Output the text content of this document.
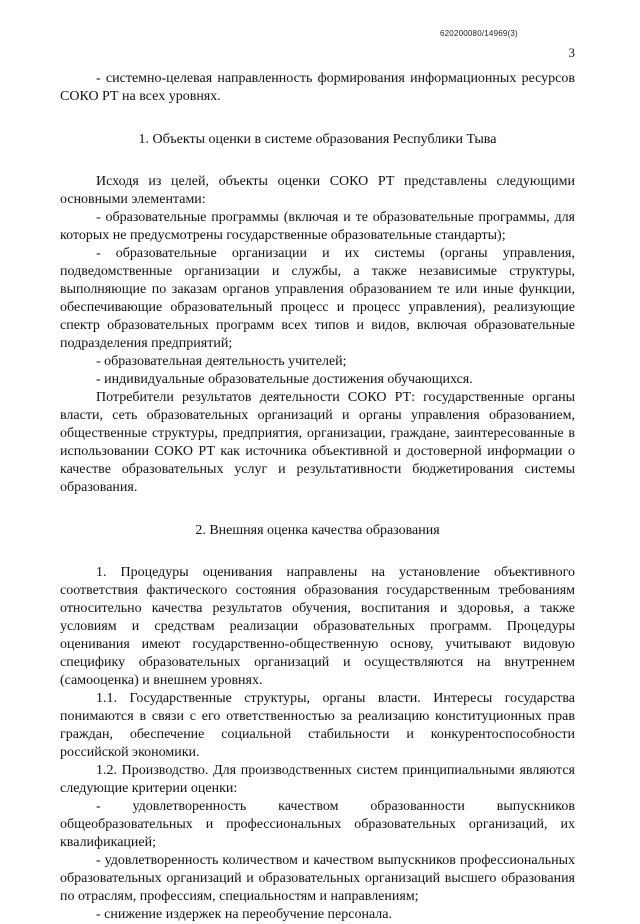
620200080/14969(3)
3

- системно-целевая направленность формирования информационных ресурсов СОКО РТ на всех уровнях.

1. Объекты оценки в системе образования Республики Тыва

Исходя из целей, объекты оценки СОКО РТ представлены следующими основными элементами:

- образовательные программы (включая и те образовательные программы, для которых не предусмотрены государственные образовательные стандарты);

- образовательные организации и их системы (органы управления, подведомственные организации и службы, а также независимые структуры, выполняющие по заказам органов управления образованием те или иные функции, обеспечивающие образовательный процесс и процесс управления), реализующие спектр образовательных программ всех типов и видов, включая образовательные подразделения предприятий;

- образовательная деятельность учителей;

- индивидуальные образовательные достижения обучающихся.

Потребители результатов деятельности СОКО РТ: государственные органы власти, сеть образовательных организаций и органы управления образованием, общественные структуры, предприятия, организации, граждане, заинтересованные в использовании СОКО РТ как источника объективной и достоверной информации о качестве образовательных услуг и результативности бюджетирования системы образования.

2. Внешняя оценка качества образования

1. Процедуры оценивания направлены на установление объективного соответствия фактического состояния образования государственным требованиям относительно качества результатов обучения, воспитания и здоровья, а также условиям и средствам реализации образовательных программ. Процедуры оценивания имеют государственно-общественную основу, учитывают видовую специфику образовательных организаций и осуществляются на внутреннем (самооценка) и внешнем уровнях.

1.1. Государственные структуры, органы власти. Интересы государства понимаются в связи с его ответственностью за реализацию конституционных прав граждан, обеспечение социальной стабильности и конкурентоспособности российской экономики.

1.2. Производство. Для производственных систем принципиальными являются следующие критерии оценки:

- удовлетворенность качеством образованности выпускников общеобразовательных и профессиональных образовательных организаций, их квалификацией;

- удовлетворенность количеством и качеством выпускников профессиональных образовательных организаций и образовательных организаций высшего образования по отраслям, профессиям, специальностям и направлениям;

- снижение издержек на переобучение персонала.
